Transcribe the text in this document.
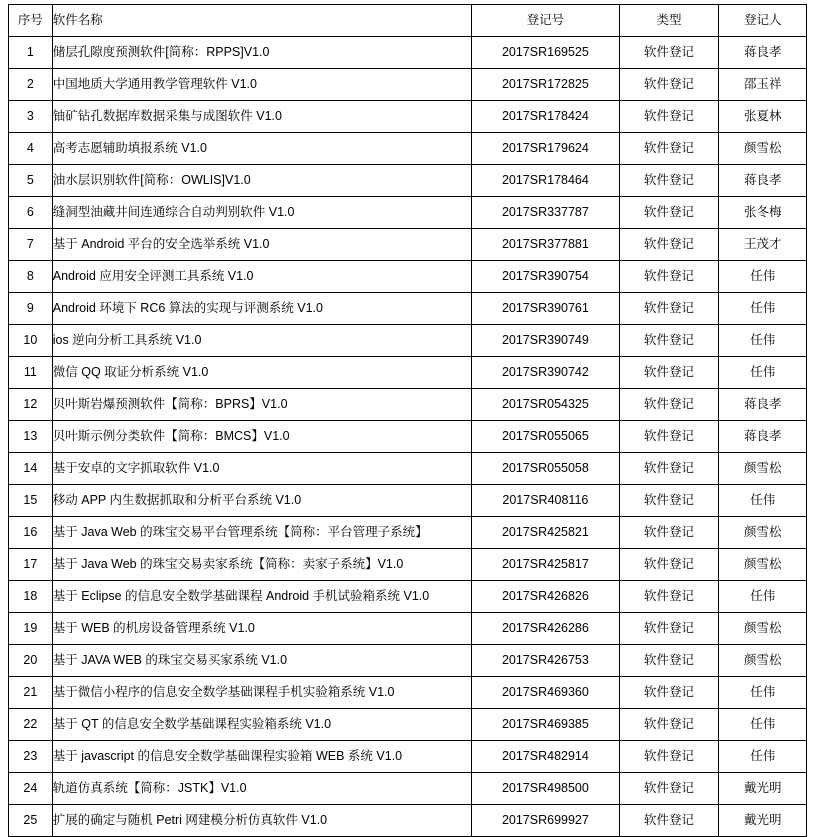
序号	软件名称	登记号	类型	登记人
1	储层孔隙度预测软件[简称：RPPS]V1.0	2017SR169525	软件登记	蒋良孝
2	中国地质大学通用教学管理软件 V1.0	2017SR172825	软件登记	邵玉祥
3	铀矿钻孔数据库数据采集与成图软件 V1.0	2017SR178424	软件登记	张夏林
4	高考志愿辅助填报系统 V1.0	2017SR179624	软件登记	颜雪松
5	油水层识别软件[简称：OWLIS]V1.0	2017SR178464	软件登记	蒋良孝
6	缝洞型油藏井间连通综合自动判别软件 V1.0	2017SR337787	软件登记	张冬梅
7	基于 Android 平台的安全选举系统 V1.0	2017SR377881	软件登记	王茂才
8	Android 应用安全评测工具系统 V1.0	2017SR390754	软件登记	任伟
9	Android 环境下 RC6 算法的实现与评测系统 V1.0	2017SR390761	软件登记	任伟
10	ios 逆向分析工具系统 V1.0	2017SR390749	软件登记	任伟
11	微信 QQ 取证分析系统 V1.0	2017SR390742	软件登记	任伟
12	贝叶斯岩爆预测软件【简称：BPRS】V1.0	2017SR054325	软件登记	蒋良孝
13	贝叶斯示例分类软件【简称：BMCS】V1.0	2017SR055065	软件登记	蒋良孝
14	基于安卓的文字抓取软件 V1.0	2017SR055058	软件登记	颜雪松
15	移动 APP 内生数据抓取和分析平台系统 V1.0	2017SR408116	软件登记	任伟
16	基于 Java Web 的珠宝交易平台管理系统【简称：平台管理子系统】	2017SR425821	软件登记	颜雪松
17	基于 Java Web 的珠宝交易卖家系统【简称：卖家子系统】V1.0	2017SR425817	软件登记	颜雪松
18	基于 Eclipse 的信息安全数学基础课程 Android 手机试验箱系统 V1.0	2017SR426826	软件登记	任伟
19	基于 WEB 的机房设备管理系统 V1.0	2017SR426286	软件登记	颜雪松
20	基于 JAVA WEB 的珠宝交易买家系统 V1.0	2017SR426753	软件登记	颜雪松
21	基于微信小程序的信息安全数学基础课程手机实验箱系统 V1.0	2017SR469360	软件登记	任伟
22	基于 QT 的信息安全数学基础课程实验箱系统 V1.0	2017SR469385	软件登记	任伟
23	基于 javascript 的信息安全数学基础课程实验箱 WEB 系统 V1.0	2017SR482914	软件登记	任伟
24	轨道仿真系统【简称：JSTK】V1.0	2017SR498500	软件登记	戴光明
25	扩展的确定与随机 Petri 网建模分析仿真软件 V1.0	2017SR699927	软件登记	戴光明
